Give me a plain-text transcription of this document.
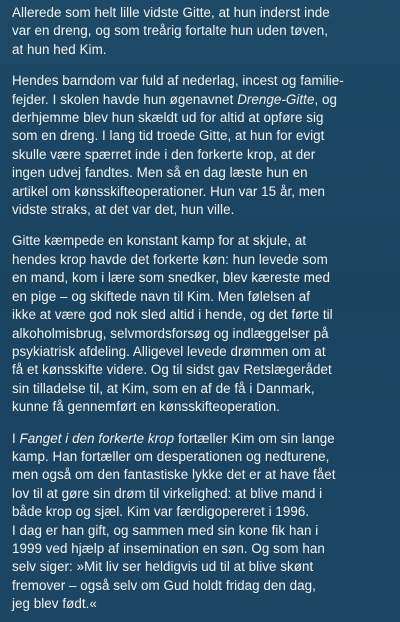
Allerede som helt lille vidste Gitte, at hun inderst inde
var en dreng, og som treårig fortalte hun uden tøven,
at hun hed Kim.

Hendes barndom var fuld af nederlag, incest og familie-
fejder. I skolen havde hun øgenavnet Drenge-Gitte, og
derhjemme blev hun skældt ud for altid at opføre sig
som en dreng. I lang tid troede Gitte, at hun for evigt
skulle være spærret inde i den forkerte krop, at der
ingen udvej fandtes. Men så en dag læste hun en
artikel om kønsskifteoperationer. Hun var 15 år, men
vidste straks, at det var det, hun ville.

Gitte kæmpede en konstant kamp for at skjule, at
hendes krop havde det forkerte køn: hun levede som
en mand, kom i lære som snedker, blev kæreste med
en pige – og skiftede navn til Kim. Men følelsen af
ikke at være god nok sled altid i hende, og det førte til
alkoholmisbrug, selvmordsforsøg og indlæggelser på
psykiatrisk afdeling. Alligevel levede drømmen om at
få et kønsskifte videre. Og til sidst gav Retslægerådet
sin tilladelse til, at Kim, som en af de få i Danmark,
kunne få gennemført en kønsskifteoperation.

I Fanget i den forkerte krop fortæller Kim om sin lange
kamp. Han fortæller om desperationen og nedturene,
men også om den fantastiske lykke det er at have fået
lov til at gøre sin drøm til virkelighed: at blive mand i
både krop og sjæl. Kim var færdigopereret i 1996.
I dag er han gift, og sammen med sin kone fik han i
1999 ved hjælp af insemination en søn. Og som han
selv siger: »Mit liv ser heldigvis ud til at blive skønt
fremover – også selv om Gud holdt fridag den dag,
jeg blev født.«
